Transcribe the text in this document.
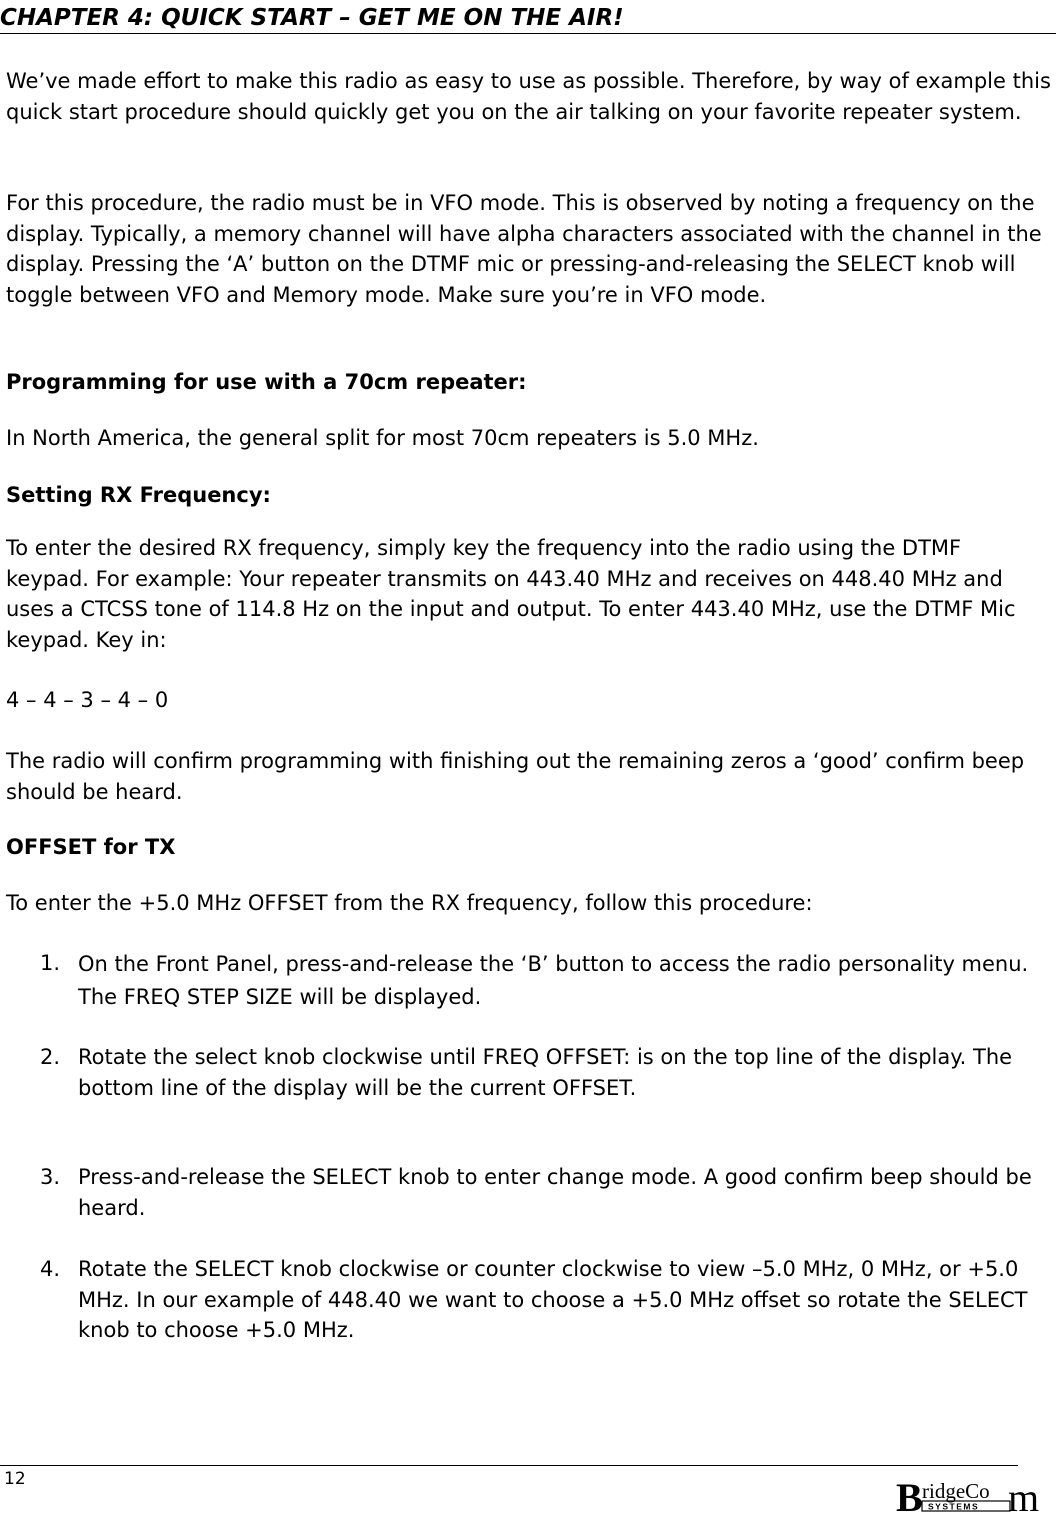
CHAPTER 4: QUICK START – GET ME ON THE AIR!

We’ve made effort to make this radio as easy to use as possible. Therefore, by way of example this quick start procedure should quickly get you on the air talking on your favorite repeater system.

For this procedure, the radio must be in VFO mode. This is observed by noting a frequency on the display. Typically, a memory channel will have alpha characters associated with the channel in the display. Pressing the ‘A’ button on the DTMF mic or pressing-and-releasing the SELECT knob will toggle between VFO and Memory mode. Make sure you’re in VFO mode.

Programming for use with a 70cm repeater:

In North America, the general split for most 70cm repeaters is 5.0 MHz.

Setting RX Frequency:

To enter the desired RX frequency, simply key the frequency into the radio using the DTMF keypad. For example: Your repeater transmits on 443.40 MHz and receives on 448.40 MHz and uses a CTCSS tone of 114.8 Hz on the input and output. To enter 443.40 MHz, use the DTMF Mic keypad. Key in:

4 – 4 – 3 – 4 – 0

The radio will confirm programming with finishing out the remaining zeros a ‘good’ confirm beep should be heard.

OFFSET for TX

To enter the +5.0 MHz OFFSET from the RX frequency, follow this procedure:

1. On the Front Panel, press-and-release the ‘B’ button to access the radio personality menu. The FREQ STEP SIZE will be displayed.
2. Rotate the select knob clockwise until FREQ OFFSET: is on the top line of the display. The bottom line of the display will be the current OFFSET.
3. Press-and-release the SELECT knob to enter change mode. A good confirm beep should be heard.
4. Rotate the SELECT knob clockwise or counter clockwise to view –5.0 MHz, 0 MHz, or +5.0 MHz. In our example of 448.40 we want to choose a +5.0 MHz offset so rotate the SELECT knob to choose +5.0 MHz.
12	B ridgeCo m
SYSTEMS
